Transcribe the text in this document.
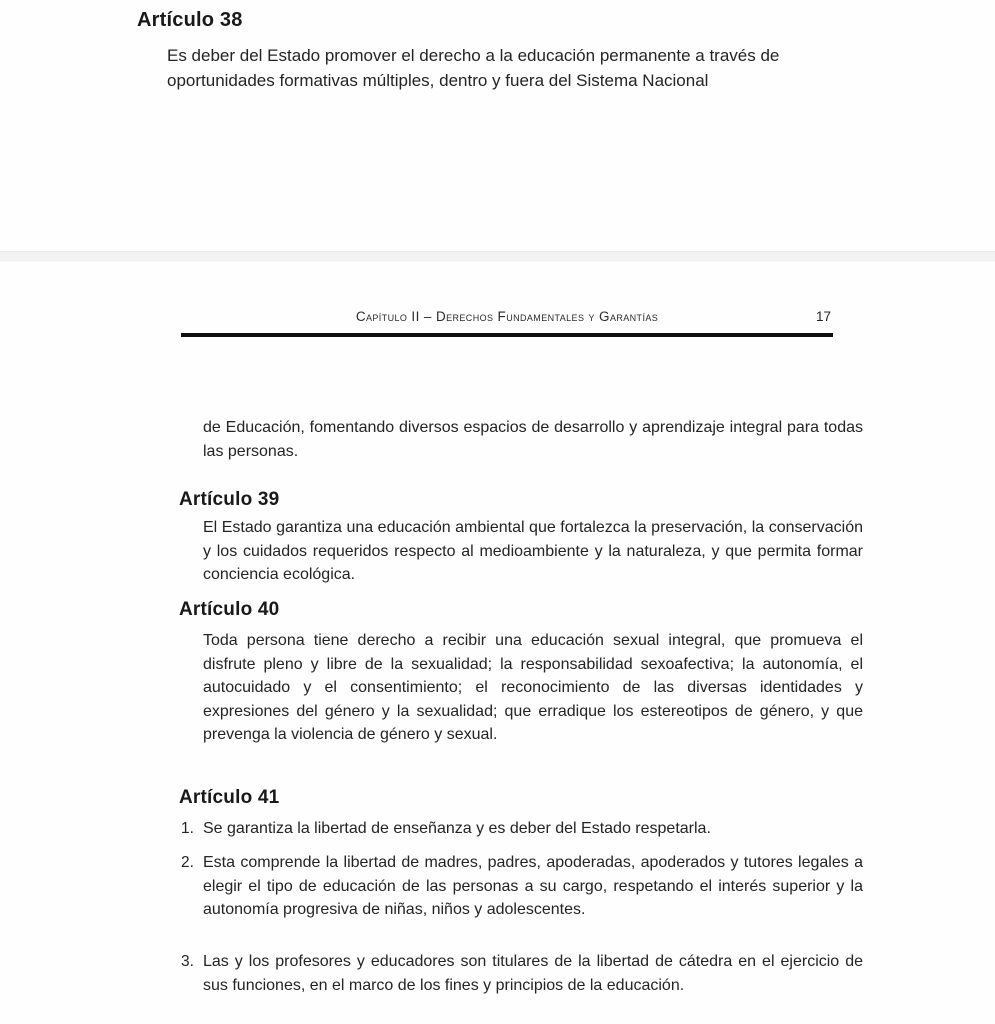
Artículo 38

Es deber del Estado promover el derecho a la educación permanente a través de oportunidades formativas múltiples, dentro y fuera del Sistema Nacional

Capítulo II – Derechos Fundamentales y Garantías	17

de Educación, fomentando diversos espacios de desarrollo y aprendizaje integral para todas las personas.

Artículo 39

El Estado garantiza una educación ambiental que fortalezca la preservación, la conservación y los cuidados requeridos respecto al medioambiente y la naturaleza, y que permita formar conciencia ecológica.

Artículo 40

Toda persona tiene derecho a recibir una educación sexual integral, que promueva el disfrute pleno y libre de la sexualidad; la responsabilidad sexoafectiva; la autonomía, el autocuidado y el consentimiento; el reconocimiento de las diversas identidades y expresiones del género y la sexualidad; que erradique los estereotipos de género, y que prevenga la violencia de género y sexual.

Artículo 41
1. Se garantiza la libertad de enseñanza y es deber del Estado respetarla.

2. Esta comprende la libertad de madres, padres, apoderadas, apoderados y tutores legales a elegir el tipo de educación de las personas a su cargo, respetando el interés superior y la autonomía progresiva de niñas, niños y adolescentes.

3. Las y los profesores y educadores son titulares de la libertad de cátedra en el ejercicio de sus funciones, en el marco de los fines y principios de la educación.
